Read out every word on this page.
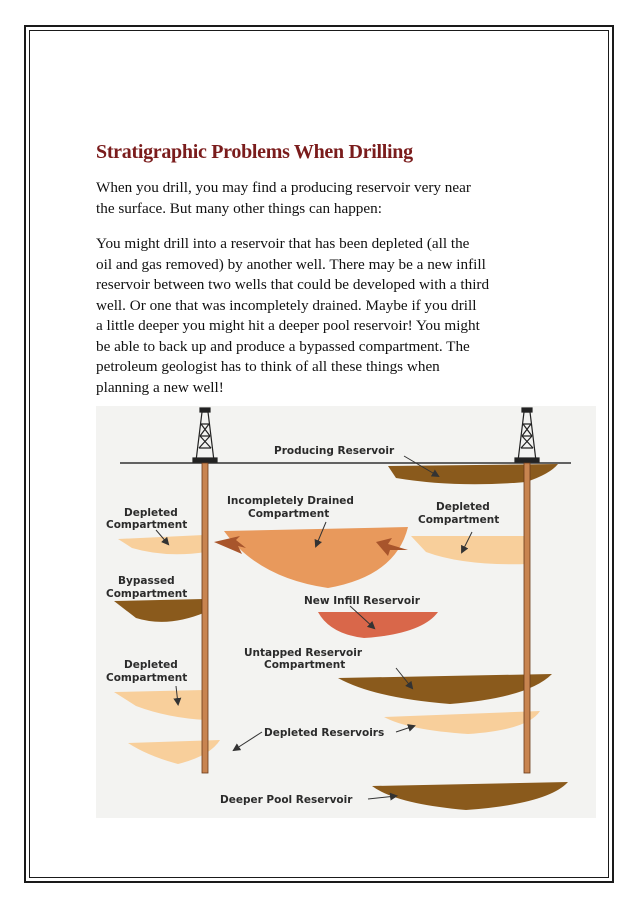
Stratigraphic Problems When Drilling

When you drill, you may find a producing reservoir very near
the surface. But many other things can happen:

You might drill into a reservoir that has been depleted (all the
oil and gas removed) by another well. There may be a new infill
reservoir between two wells that could be developed with a third
well. Or one that was incompletely drained. Maybe if you drill
a little deeper you might hit a deeper pool reservoir! You might
be able to back up and produce a bypassed compartment. The
petroleum geologist has to think of all these things when
planning a new well!

Producing Reservoir
Incompletely Drained
Compartment
Depleted
Compartment
Depleted
Compartment
Bypassed
Compartment
New Infill Reservoir
Untapped Reservoir
Compartment
Depleted
Compartment
Depleted Reservoirs
Deeper Pool Reservoir
